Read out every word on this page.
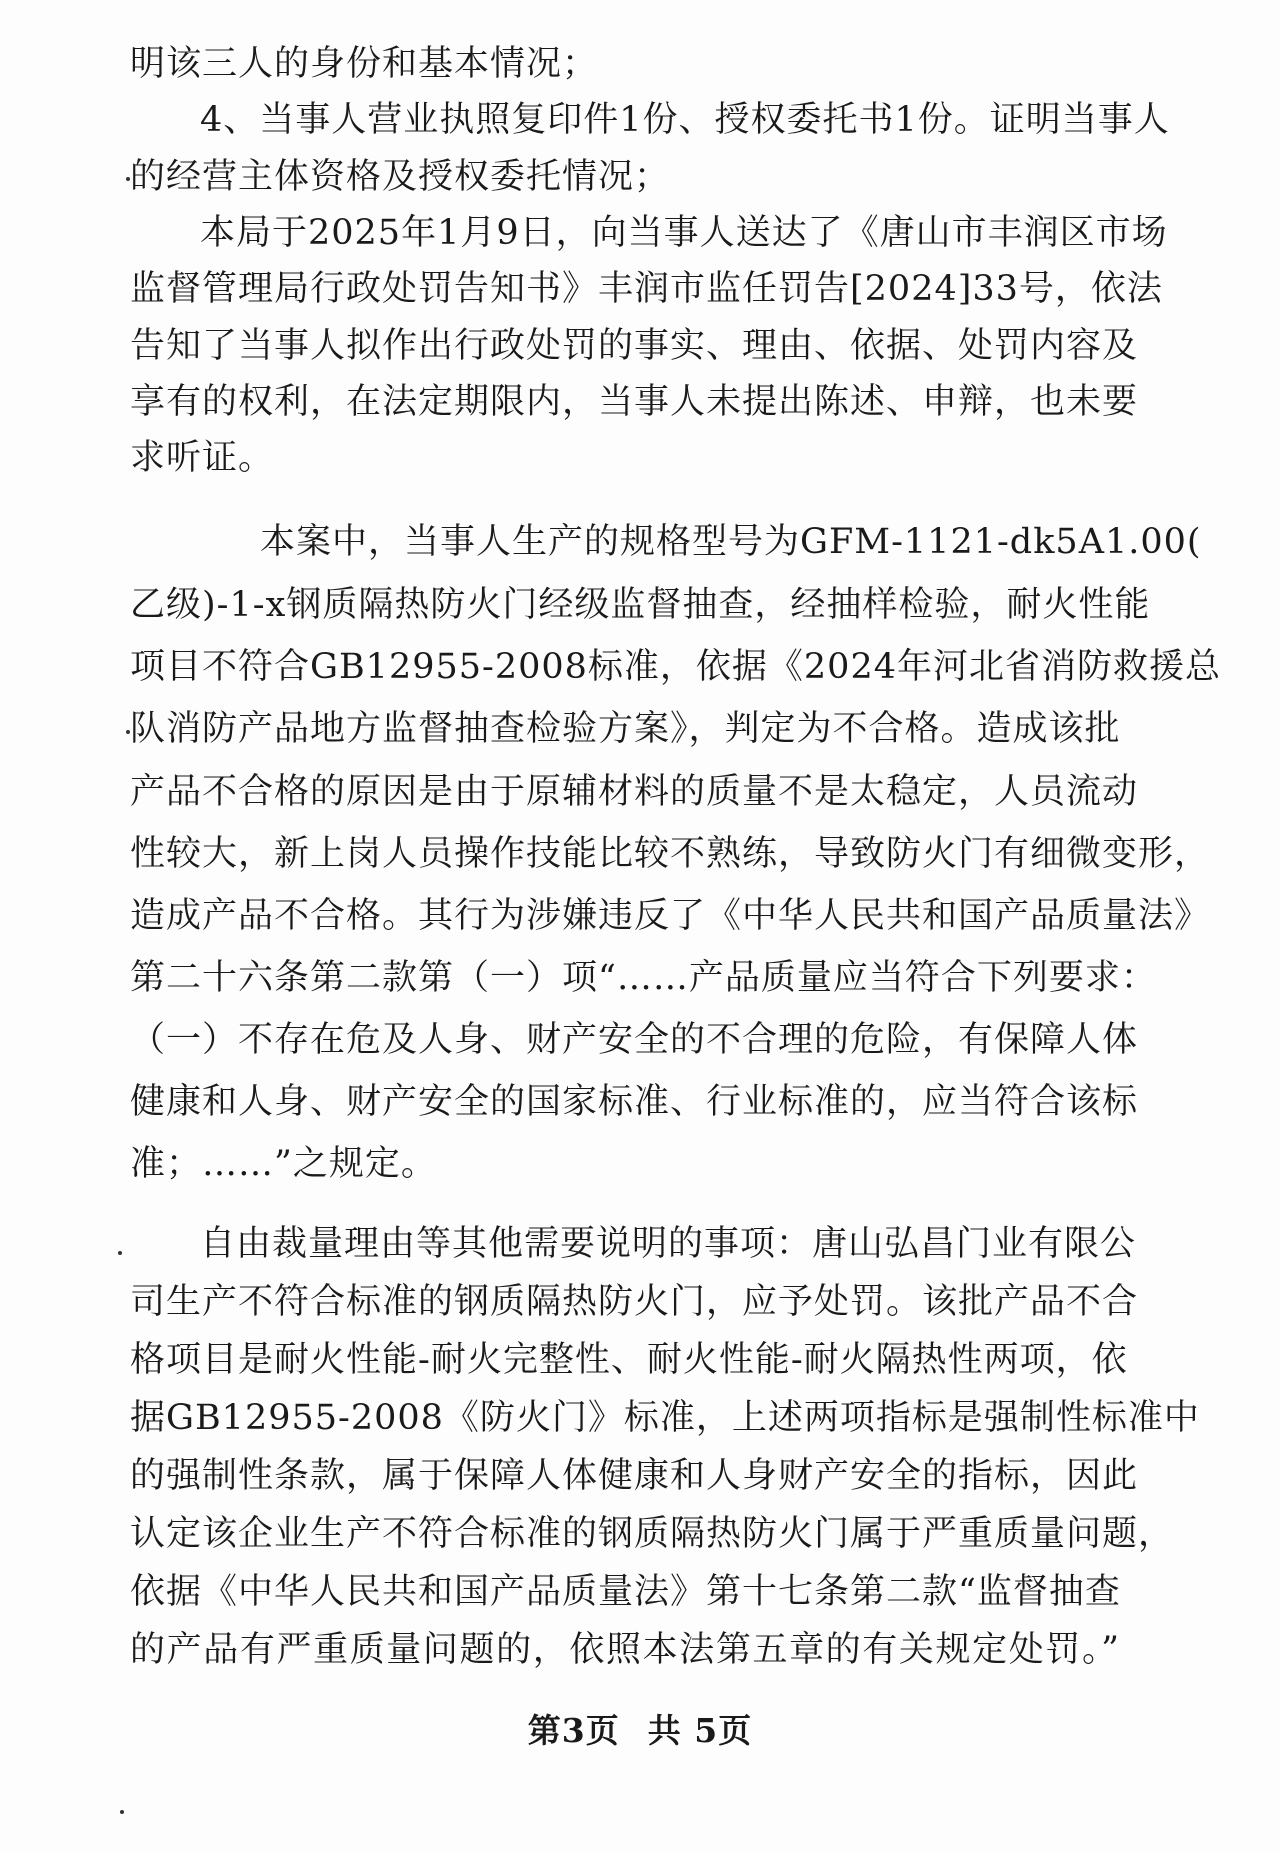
明该三人的身份和基本情况；
4、当事人营业执照复印件1份、授权委托书1份。证明当事人
的经营主体资格及授权委托情况；
本局于2025年1月9日，向当事人送达了《唐山市丰润区市场
监督管理局行政处罚告知书》丰润市监任罚告[2024]33号，依法
告知了当事人拟作出行政处罚的事实、理由、依据、处罚内容及
享有的权利，在法定期限内，当事人未提出陈述、申辩，也未要
求听证。
本案中，当事人生产的规格型号为GFM-1121-dk5A1.00(
乙级)-1-x钢质隔热防火门经级监督抽查，经抽样检验，耐火性能
项目不符合GB12955-2008标准，依据《2024年河北省消防救援总
队消防产品地方监督抽查检验方案》，判定为不合格。造成该批
产品不合格的原因是由于原辅材料的质量不是太稳定，人员流动
性较大，新上岗人员操作技能比较不熟练，导致防火门有细微变形，
造成产品不合格。其行为涉嫌违反了《中华人民共和国产品质量法》
第二十六条第二款第（一）项“……产品质量应当符合下列要求：
（一）不存在危及人身、财产安全的不合理的危险，有保障人体
健康和人身、财产安全的国家标准、行业标准的，应当符合该标
准；……”之规定。
自由裁量理由等其他需要说明的事项：唐山弘昌门业有限公
司生产不符合标准的钢质隔热防火门，应予处罚。该批产品不合
格项目是耐火性能-耐火完整性、耐火性能-耐火隔热性两项，依
据GB12955-2008《防火门》标准，上述两项指标是强制性标准中
的强制性条款，属于保障人体健康和人身财产安全的指标，因此
认定该企业生产不符合标准的钢质隔热防火门属于严重质量问题，
依据《中华人民共和国产品质量法》第十七条第二款“监督抽查
的产品有严重质量问题的，依照本法第五章的有关规定处罚。”
第3页 共 5页
